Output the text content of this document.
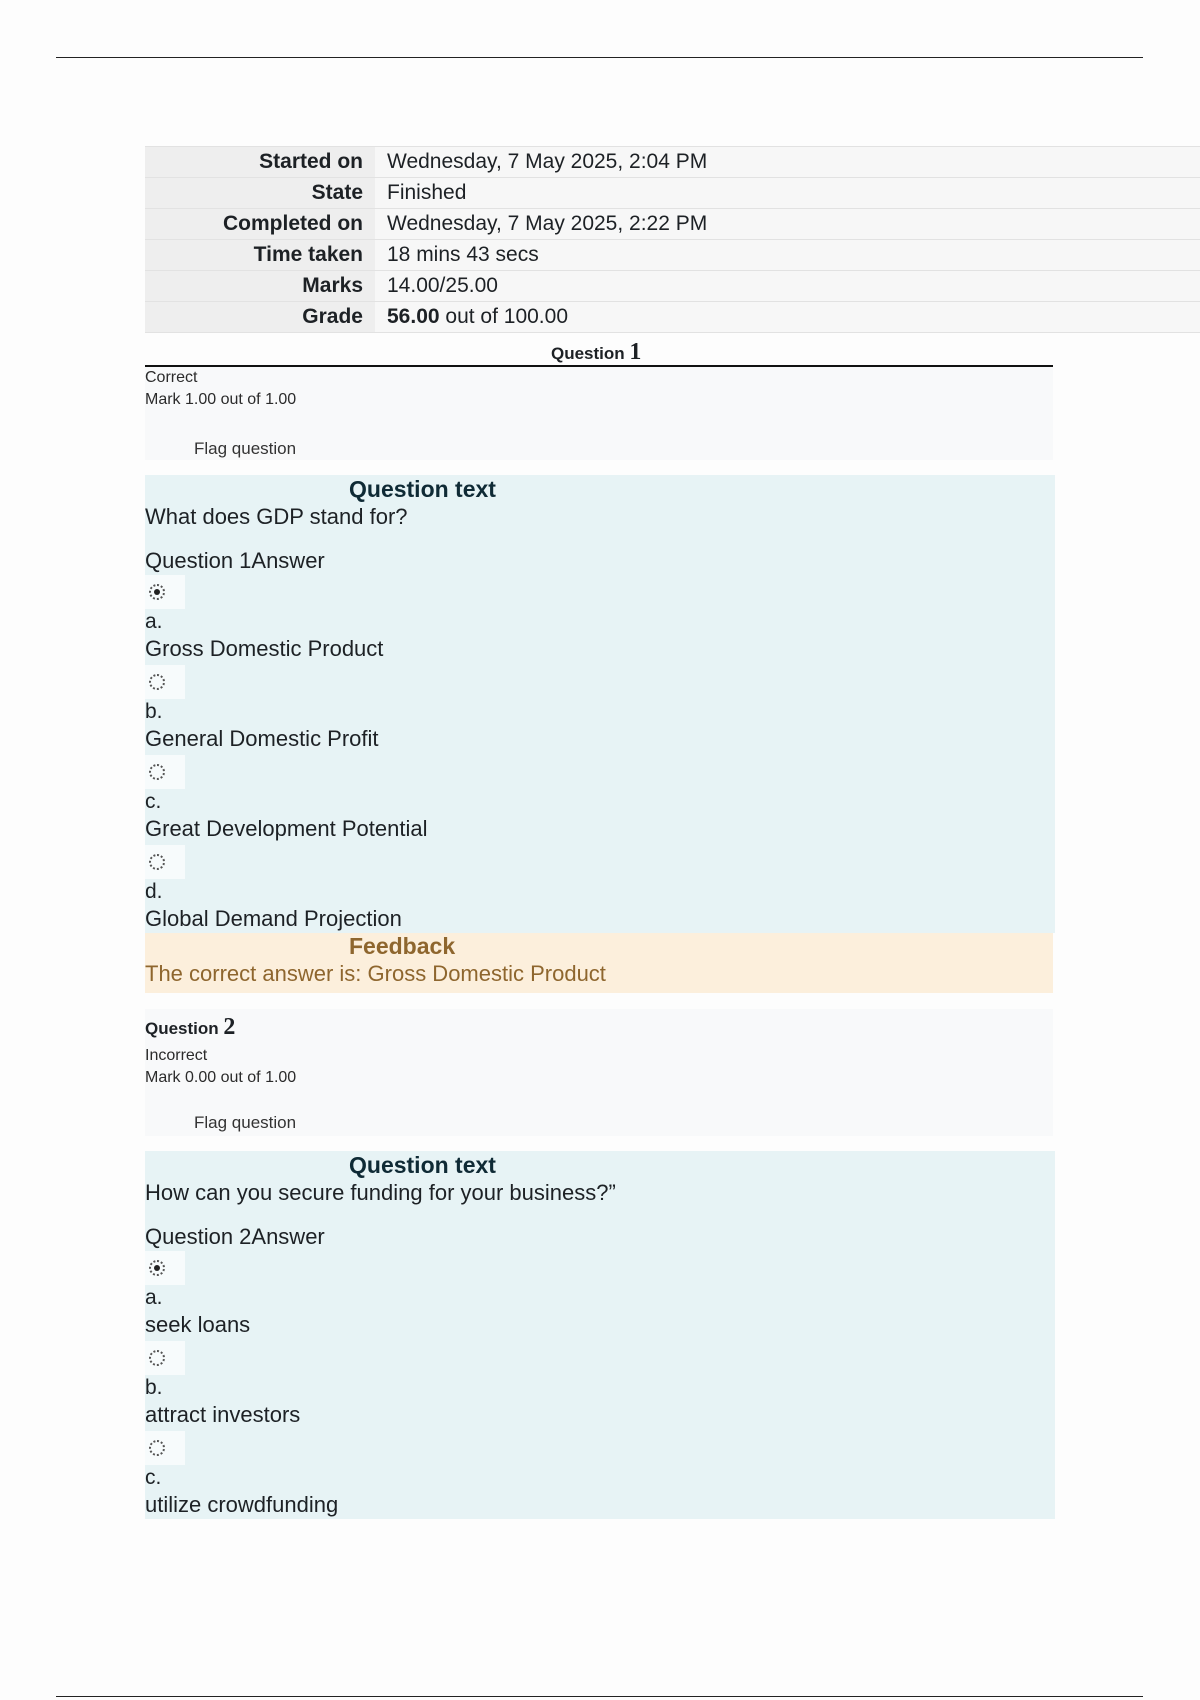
Started on	Wednesday, 7 May 2025, 2:04 PM
State	Finished
Completed on	Wednesday, 7 May 2025, 2:22 PM
Time taken	18 mins 43 secs
Marks	14.00/25.00
Grade	56.00 out of 100.00
Question 1
Correct
Mark 1.00 out of 1.00
Flag question
Question text
What does GDP stand for?
Question 1Answer
a.
Gross Domestic Product
b.
General Domestic Profit
c.
Great Development Potential
d.
Global Demand Projection
Feedback
The correct answer is: Gross Domestic Product
Question 2
Incorrect
Mark 0.00 out of 1.00
Flag question
Question text
How can you secure funding for your business?”
Question 2Answer
a.
seek loans
b.
attract investors
c.
utilize crowdfunding
